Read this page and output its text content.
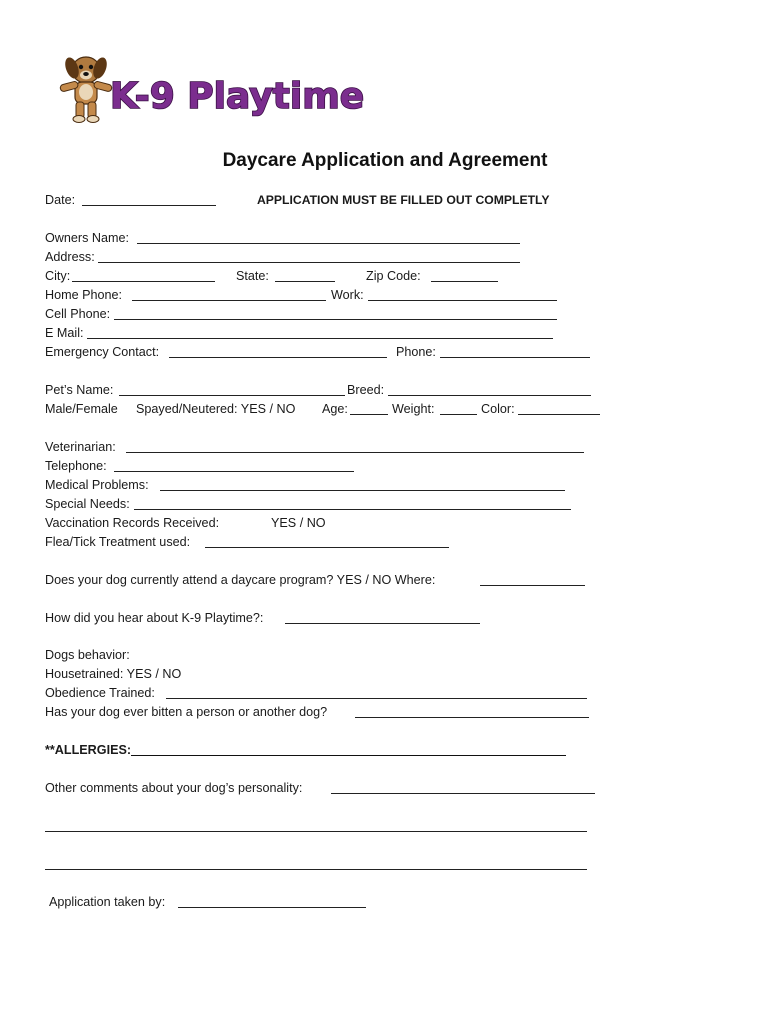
K-9 Playtime
Daycare Application and Agreement
Date:	APPLICATION MUST BE FILLED OUT COMPLETLY
Owners Name:
Address:
City:	State:	Zip Code:
Home Phone:	Work:
Cell Phone:
E Mail:
Emergency Contact:	Phone:
Pet’s Name:	Breed:
Male/Female Spayed/Neutered: YES / NO Age:	Weight:	Color:
Veterinarian:
Telephone:
Medical Problems:
Special Needs:
Vaccination Records Received:	YES / NO
Flea/Tick Treatment used:
Does your dog currently attend a daycare program? YES / NO Where:
How did you hear about K-9 Playtime?:
Dogs behavior:
Housetrained: YES / NO
Obedience Trained:
Has your dog ever bitten a person or another dog?
**ALLERGIES:
Other comments about your dog’s personality:
Application taken by:
